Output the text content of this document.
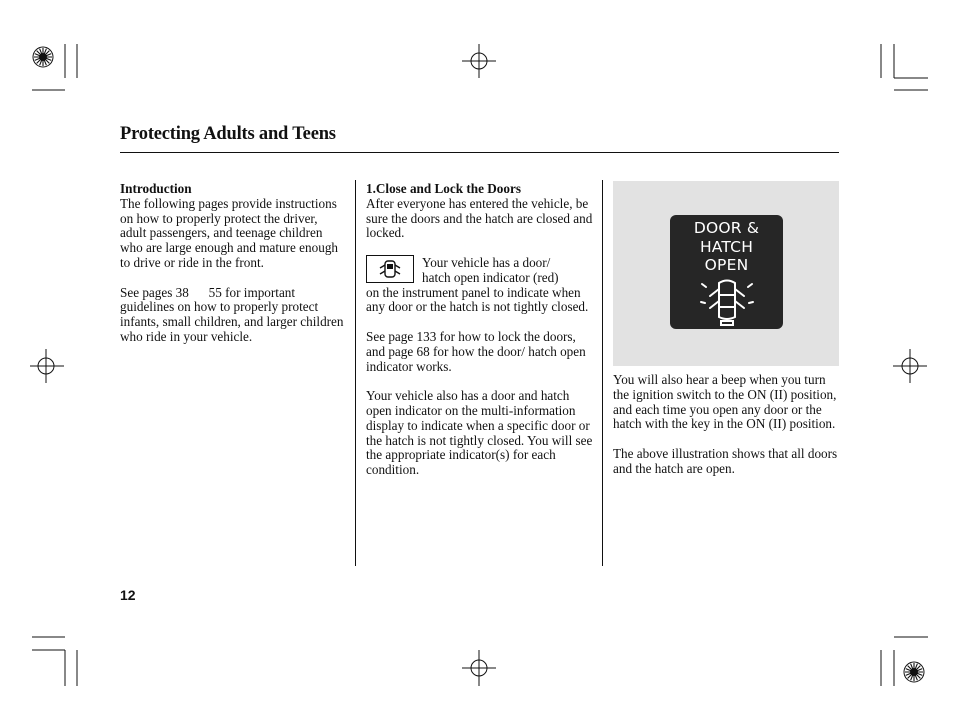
Protecting Adults and Teens
Introduction

The following pages provide instructions on how to properly protect the driver, adult passengers, and teenage children who are large enough and mature enough to drive or ride in the front.

See pages 38      55 for important guidelines on how to properly protect infants, small children, and larger children who ride in your vehicle.

1.Close and Lock the Doors

After everyone has entered the vehicle, be sure the doors and the hatch are closed and locked.

Your vehicle has a door/
hatch open indicator (red)
on the instrument panel to indicate when any door or the hatch is not tightly closed.

See page 133 for how to lock the doors, and page 68 for how the door/ hatch open indicator works.

Your vehicle also has a door and hatch open indicator on the multi-information display to indicate when a specific door or the hatch is not tightly closed. You will see the appropriate indicator(s) for each condition.

DOOR &
HATCH
OPEN

You will also hear a beep when you turn the ignition switch to the ON (II) position, and each time you open any door or the hatch with the key in the ON (II) position.

The above illustration shows that all doors and the hatch are open.

12
